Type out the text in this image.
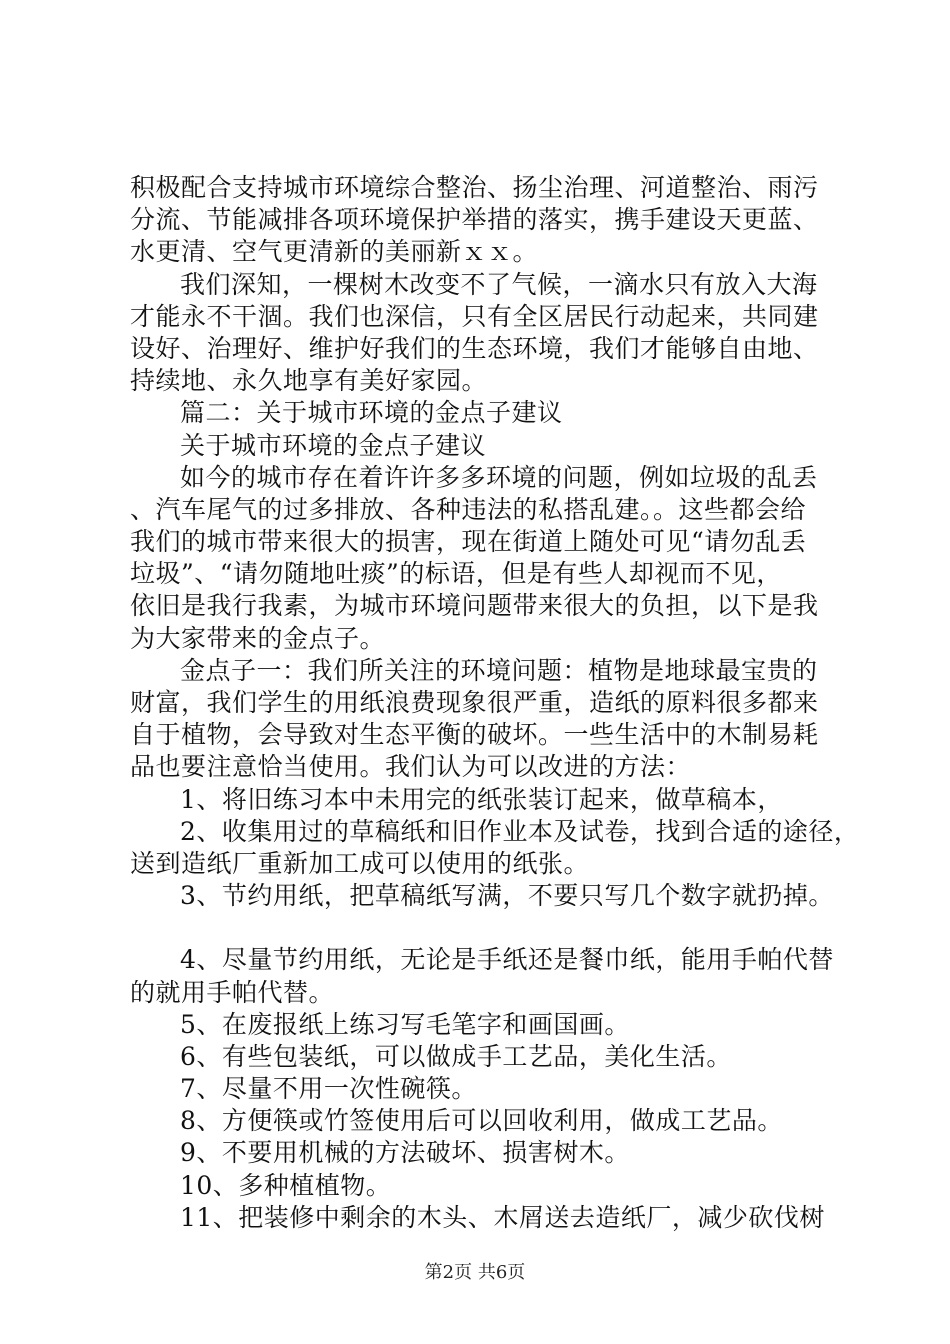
积极配合支持城市环境综合整治、扬尘治理、河道整治、雨污
分流、节能减排各项环境保护举措的落实，携手建设天更蓝、
水更清、空气更清新的美丽新ｘｘ。
我们深知，一棵树木改变不了气候，一滴水只有放入大海
才能永不干涸。我们也深信，只有全区居民行动起来，共同建
设好、治理好、维护好我们的生态环境，我们才能够自由地、
持续地、永久地享有美好家园。
篇二：关于城市环境的金点子建议
关于城市环境的金点子建议
如今的城市存在着许许多多环境的问题，例如垃圾的乱丢
、汽车尾气的过多排放、各种违法的私搭乱建。。这些都会给
我们的城市带来很大的损害，现在街道上随处可见“请勿乱丢
垃圾”、“请勿随地吐痰”的标语，但是有些人却视而不见，
依旧是我行我素，为城市环境问题带来很大的负担，以下是我
为大家带来的金点子。
金点子一：我们所关注的环境问题：植物是地球最宝贵的
财富，我们学生的用纸浪费现象很严重，造纸的原料很多都来
自于植物，会导致对生态平衡的破坏。一些生活中的木制易耗
品也要注意恰当使用。我们认为可以改进的方法：
1、将旧练习本中未用完的纸张装订起来，做草稿本，
2、收集用过的草稿纸和旧作业本及试卷，找到合适的途径，
送到造纸厂重新加工成可以使用的纸张。
3、节约用纸，把草稿纸写满，不要只写几个数字就扔掉。
4、尽量节约用纸，无论是手纸还是餐巾纸，能用手帕代替
的就用手帕代替。
5、在废报纸上练习写毛笔字和画国画。
6、有些包装纸，可以做成手工艺品，美化生活。
7、尽量不用一次性碗筷。
8、方便筷或竹签使用后可以回收利用，做成工艺品。
9、不要用机械的方法破坏、损害树木。
10、多种植植物。
11、把装修中剩余的木头、木屑送去造纸厂，减少砍伐树
第2页 共6页
